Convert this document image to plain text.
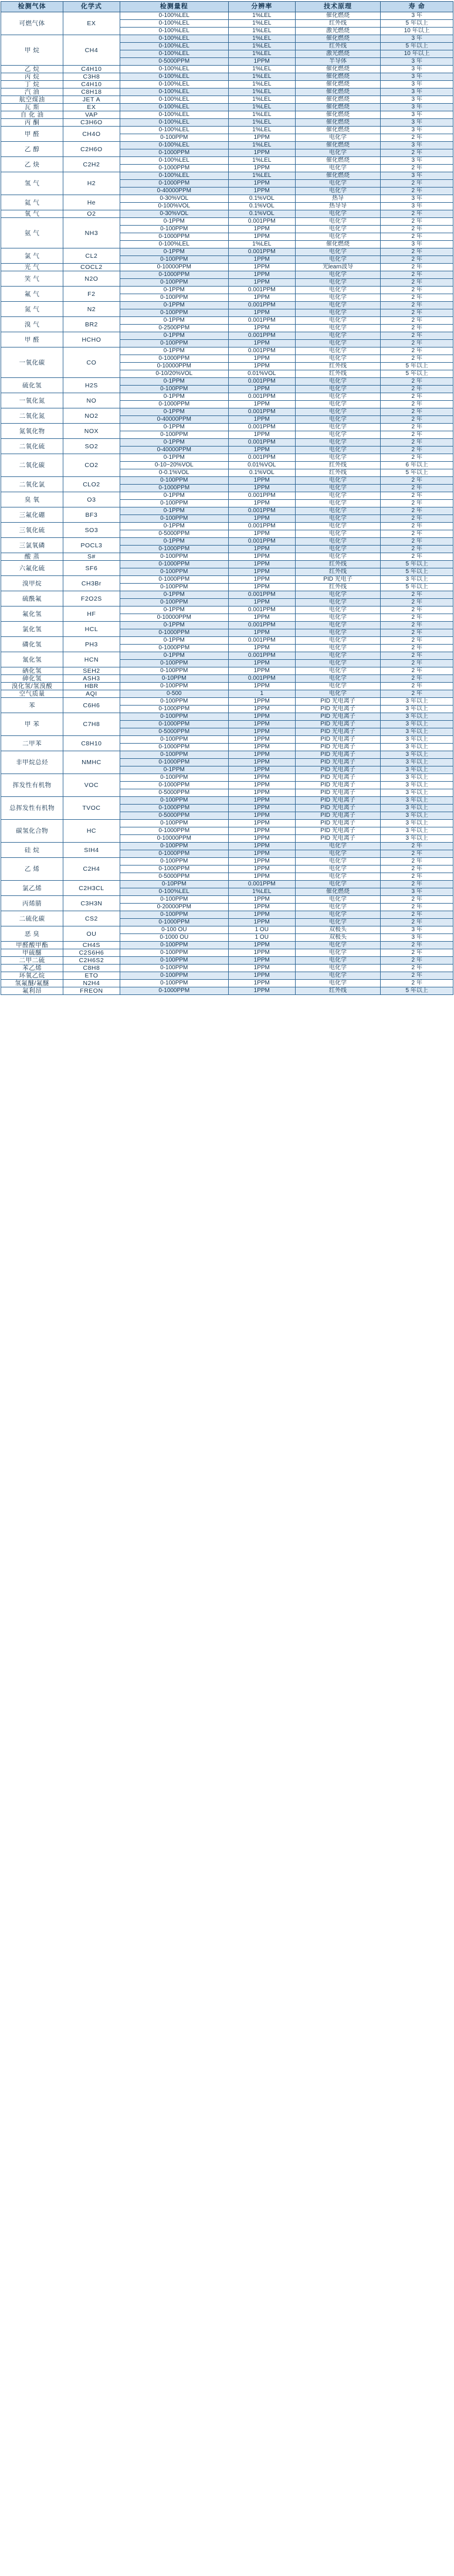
检测气体	化学式	检测量程	分辨率	技术原理	寿 命
可燃气体	EX	0-100%LEL	1%LEL	催化燃烧	3 年
		0-100%LEL	1%LEL	红外线	5 年以上
		0-100%LEL	1%LEL	激光燃烧	10 年以上
甲 烷	CH4	0-100%LEL	1%LEL	催化燃烧	3 年
		0-100%LEL	1%LEL	红外线	5 年以上
		0-100%LEL	1%LEL	激光燃烧	10 年以上
		0-5000PPM	1PPM	半导体	3 年
乙 烷	C4H10	0-100%LEL	1%LEL	催化燃烧	3 年
丙 烷	C3H8	0-100%LEL	1%LEL	催化燃烧	3 年
丁 烷	C4H10	0-100%LEL	1%LEL	催化燃烧	3 年
汽 油	C8H18	0-100%LEL	1%LEL	催化燃烧	3 年
航空煤油	JET A	0-100%LEL	1%LEL	催化燃烧	3 年
瓦 斯	EX	0-100%LEL	1%LEL	催化燃烧	3 年
自 化 油	VAP	0-100%LEL	1%LEL	催化燃烧	3 年
丙 酮	C3H6O	0-100%LEL	1%LEL	催化燃烧	3 年
甲 醛	CH4O	0-100%LEL	1%LEL	催化燃烧	3 年
		0-100PPM	1PPM	电化学	2 年
乙 醇	C2H6O	0-100%LEL	1%LEL	催化燃烧	3 年
		0-1000PPM	1PPM	电化学	2 年
乙 炔	C2H2	0-100%LEL	1%LEL	催化燃烧	3 年
		0-1000PPM	1PPM	电化学	2 年
氢 气	H2	0-100%LEL	1%LEL	催化燃烧	3 年
		0-1000PPM	1PPM	电化学	2 年
		0-40000PPM	1PPM	电化学	2 年
氦 气	He	0-30%VOL	0.1%VOL	热导	3 年
		0-100%VOL	0.1%VOL	热导导	3 年
氧 气	O2	0-30%VOL	0.1%VOL	电化学	2 年
氨 气	NH3	0-1PPM	0.001PPM	电化学	2 年
		0-100PPM	1PPM	电化学	2 年
		0-1000PPM	1PPM	电化学	2 年
		0-100%LEL	1%LEL	催化燃烧	3 年
氯 气	CL2	0-1PPM	0.001PPM	电化学	2 年
		0-100PPM	1PPM	电化学	2 年
光 气	COCL2	0-10000PPM	1PPM	光learn波导	2 年
笑 气	N2O	0-1000PPM	1PPM	电化学	2 年
		0-100PPM	1PPM	电化学	2 年
氟 气	F2	0-1PPM	0.001PPM	电化学	2 年
		0-100PPM	1PPM	电化学	2 年
氮 气	N2	0-1PPM	0.001PPM	电化学	2 年
		0-100PPM	1PPM	电化学	2 年
溴 气	BR2	0-1PPM	0.001PPM	电化学	2 年
		0-2500PPM	1PPM	电化学	2 年
甲 醛	HCHO	0-1PPM	0.001PPM	电化学	2 年
		0-100PPM	1PPM	电化学	2 年
一氧化碳	CO	0-1PPM	0.001PPM	电化学	2 年
		0-1000PPM	1PPM	电化学	2 年
		0-10000PPM	1PPM	红外线	5 年以上
		0-10/20%VOL	0.01%VOL	红外线	5 年以上
硫化氢	H2S	0-1PPM	0.001PPM	电化学	2 年
		0-100PPM	1PPM	电化学	2 年
一氧化氮	NO	0-1PPM	0.001PPM	电化学	2 年
		0-1000PPM	1PPM	电化学	2 年
二氧化氮	NO2	0-1PPM	0.001PPM	电化学	2 年
		0-40000PPM	1PPM	电化学	2 年
氮氧化物	NOX	0-1PPM	0.001PPM	电化学	2 年
		0-100PPM	1PPM	电化学	2 年
二氧化硫	SO2	0-1PPM	0.001PPM	电化学	2 年
		0-40000PPM	1PPM	电化学	2 年
二氧化碳	CO2	0-1PPM	0.001PPM	电化学	2 年
		0-10~20%VOL	0.01%VOL	红外线	6 年以上
		0-0.1%VOL	0.1%VOL	红外线	5 年以上
二氧化氯	CLO2	0-100PPM	1PPM	电化学	2 年
		0-1000PPM	1PPM	电化学	2 年
臭 氧	O3	0-1PPM	0.001PPM	电化学	2 年
		0-100PPM	1PPM	电化学	2 年
三氟化硼	BF3	0-1PPM	0.001PPM	电化学	2 年
		0-100PPM	1PPM	电化学	2 年
三氧化硫	SO3	0-1PPM	0.001PPM	电化学	2 年
		0-5000PPM	1PPM	电化学	2 年
三氯氧磷	POCL3	0-1PPM	0.001PPM	电化学	2 年
		0-1000PPM	1PPM	电化学	2 年
酸 蒸	S#	0-100PPM	1PPM	电化学	2 年
六氟化硫	SF6	0-1000PPM	1PPM	红外线	5 年以上
		0-100PPM	1PPM	红外线	5 年以上
溴甲烷	CH3Br	0-1000PPM	1PPM	PID 光电子	3 年以上
		0-100PPM	1PPM	红外线	5 年以上
硫酰氟	F2O2S	0-1PPM	0.001PPM	电化学	2 年
		0-100PPM	1PPM	电化学	2 年
氟化氢	HF	0-1PPM	0.001PPM	电化学	2 年
		0-10000PPM	1PPM	电化学	2 年
氯化氢	HCL	0-1PPM	0.001PPM	电化学	2 年
		0-1000PPM	1PPM	电化学	2 年
磷化氢	PH3	0-1PPM	0.001PPM	电化学	2 年
		0-1000PPM	1PPM	电化学	2 年
氰化氢	HCN	0-1PPM	0.001PPM	电化学	2 年
		0-100PPM	1PPM	电化学	2 年
硒化氢	SEH2	0-100PPM	1PPM	电化学	2 年
砷化氢	ASH3	0-10PPM	0.001PPM	电化学	2 年
溴化氢/氢溴酸	HBR	0-100PPM	1PPM	电化学	2 年
空气质量	AQI	0-500	1	电化学	2 年
苯	C6H6	0-100PPM	1PPM	PID 光电离子	3 年以上
		0-1000PPM	1PPM	PID 光电离子	3 年以上
甲 苯	C7H8	0-100PPM	1PPM	PID 光电离子	3 年以上
		0-1000PPM	1PPM	PID 光电离子	3 年以上
		0-5000PPM	1PPM	PID 光电离子	3 年以上
二甲苯	C8H10	0-100PPM	1PPM	PID 光电离子	3 年以上
		0-1000PPM	1PPM	PID 光电离子	3 年以上
非甲烷总烃	NMHC	0-100PPM	1PPM	PID 光电离子	3 年以上
		0-1000PPM	1PPM	PID 光电离子	3 年以上
		0-1PPM	1PPM	PID 光电离子	3 年以上
挥发性有机物	VOC	0-100PPM	1PPM	PID 光电离子	3 年以上
		0-1000PPM	1PPM	PID 光电离子	3 年以上
		0-5000PPM	1PPM	PID 光电离子	3 年以上
总挥发性有机物	TVOC	0-100PPM	1PPM	PID 光电离子	3 年以上
		0-1000PPM	1PPM	PID 光电离子	3 年以上
		0-5000PPM	1PPM	PID 光电离子	3 年以上
碳氢化合物	HC	0-100PPM	1PPM	PID 光电离子	3 年以上
		0-1000PPM	1PPM	PID 光电离子	3 年以上
		0-10000PPM	1PPM	PID 光电离子	3 年以上
硅 烷	SIH4	0-100PPM	1PPM	电化学	2 年
		0-1000PPM	1PPM	电化学	2 年
乙 烯	C2H4	0-100PPM	1PPM	电化学	2 年
		0-1000PPM	1PPM	电化学	2 年
		0-5000PPM	1PPM	电化学	2 年
氯乙烯	C2H3CL	0-10PPM	0.001PPM	电化学	2 年
		0-100%LEL	1%LEL	催化燃烧	3 年
丙烯腈	C3H3N	0-100PPM	1PPM	电化学	2 年
		0-20000PPM	1PPM	电化学	2 年
二硫化碳	CS2	0-100PPM	1PPM	电化学	2 年
		0-1000PPM	1PPM	电化学	2 年
恶 臭	OU	0-100 OU	1 OU	双极头	3 年
		0-1000 OU	1 OU	双极头	3 年
甲醛酸甲酯	CH4S	0-100PPM	1PPM	电化学	2 年
甲硫醚	C2S6H6	0-100PPM	1PPM	电化学	2 年
二甲二硫	C2H6S2	0-100PPM	1PPM	电化学	2 年
苯乙烯	C8H8	0-100PPM	1PPM	电化学	2 年
环氧乙烷	ETO	0-100PPM	1PPM	电化学	2 年
氢氟醚/氟醚	N2H4	0-100PPM	1PPM	电化学	2 年
氟利昂	FREON	0-1000PPM	1PPM	红外线	5 年以上
